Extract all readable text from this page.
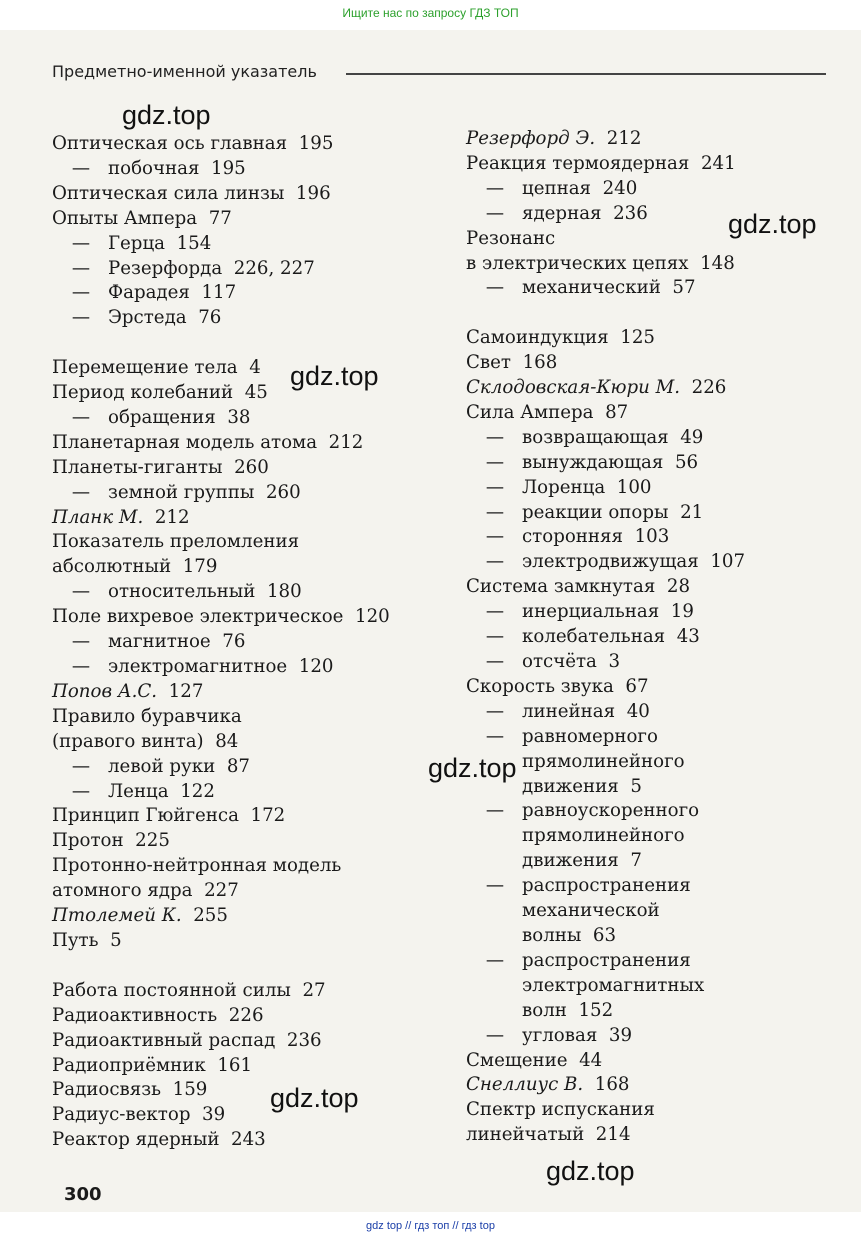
Ищите нас по запросу ГДЗ ТОП
Предметно-именной указатель
300
Оптическая ось главная 195
— побочная 195
Оптическая сила линзы 196
Опыты Ампера 77
— Герца 154
— Резерфорда 226, 227
— Фарадея 117
— Эрстеда 76
Перемещение тела 4
Период колебаний 45
— обращения 38
Планетарная модель атома 212
Планеты-гиганты 260
— земной группы 260
Планк М. 212
Показатель преломления
абсолютный 179
— относительный 180
Поле вихревое электрическое 120
— магнитное 76
— электромагнитное 120
Попов А.С. 127
Правило буравчика
(правого винта) 84
— левой руки 87
— Ленца 122
Принцип Гюйгенса 172
Протон 225
Протонно-нейтронная модель
атомного ядра 227
Птолемей К. 255
Путь 5
Работа постоянной силы 27
Радиоактивность 226
Радиоактивный распад 236
Радиоприёмник 161
Радиосвязь 159
Радиус-вектор 39
Реактор ядерный 243
Резерфорд Э. 212
Реакция термоядерная 241
— цепная 240
— ядерная 236
Резонанс
в электрических цепях 148
— механический 57
Самоиндукция 125
Свет 168
Склодовская-Кюри М. 226
Сила Ампера 87
— возвращающая 49
— вынуждающая 56
— Лоренца 100
— реакции опоры 21
— сторонняя 103
— электродвижущая 107
Система замкнутая 28
— инерциальная 19
— колебательная 43
— отсчёта 3
Скорость звука 67
— линейная 40
— равномерного
прямолинейного
движения 5
— равноускоренного
прямолинейного
движения 7
— распространения
механической
волны 63
— распространения
электромагнитных
волн 152
— угловая 39
Смещение 44
Снеллиус В. 168
Спектр испускания
линейчатый 214
gdz.top
gdz.top
gdz.top
gdz.top
gdz.top
gdz.top
gdz top // гдз топ // гдз top
